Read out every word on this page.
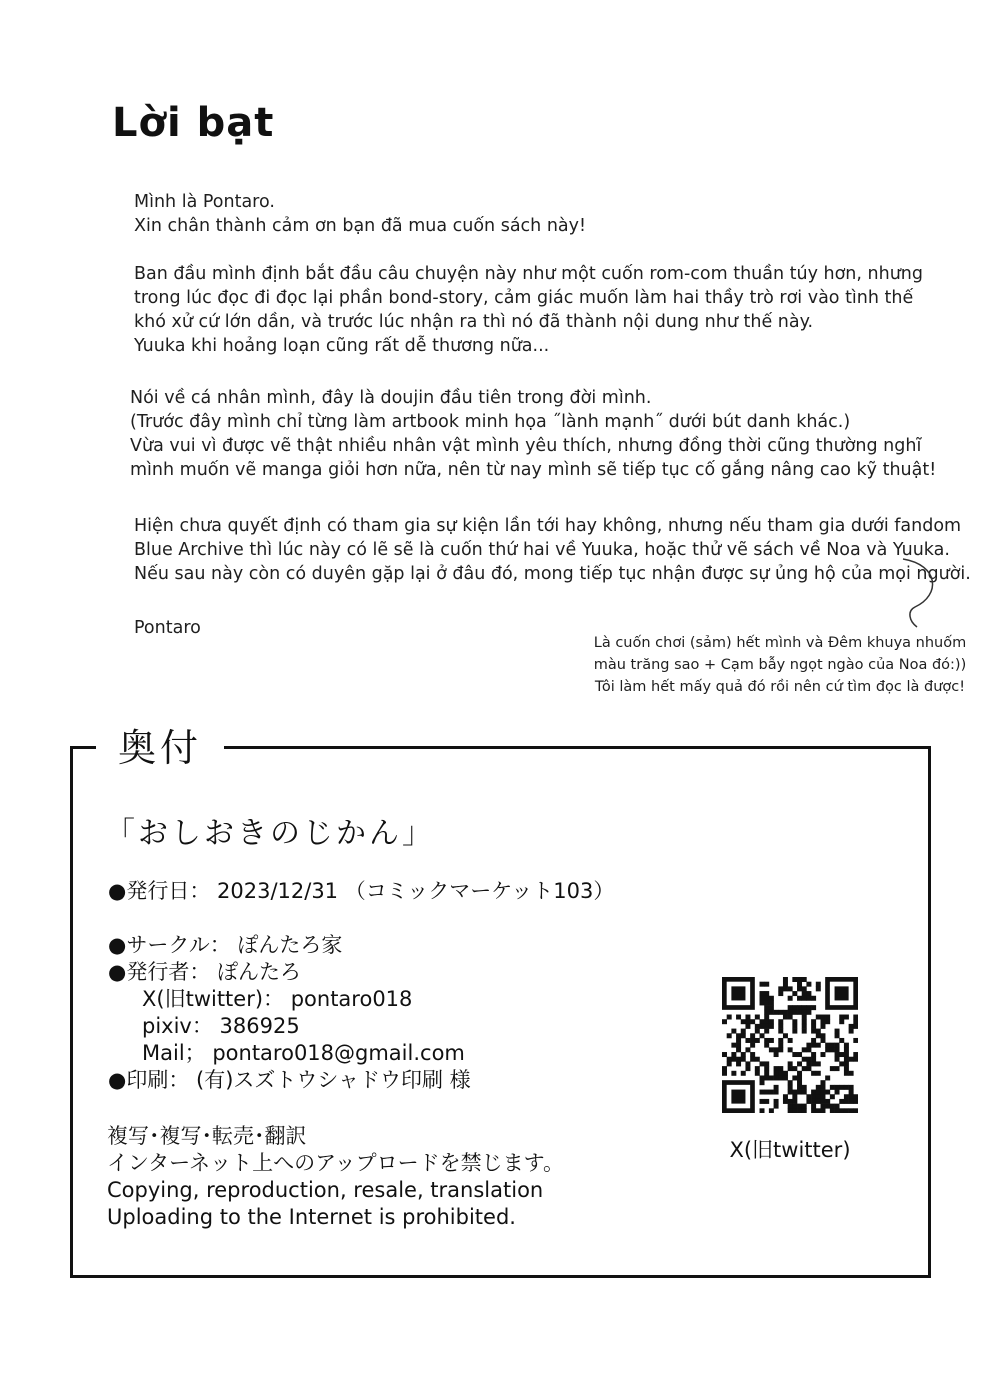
Lời bạt

Mình là Pontaro.
Xin chân thành cảm ơn bạn đã mua cuốn sách này!

Ban đầu mình định bắt đầu câu chuyện này như một cuốn rom-com thuần túy hơn, nhưng
trong lúc đọc đi đọc lại phần bond-story, cảm giác muốn làm hai thầy trò rơi vào tình thế
khó xử cứ lớn dần, và trước lúc nhận ra thì nó đã thành nội dung như thế này.
Yuuka khi hoảng loạn cũng rất dễ thương nữa...

Nói về cá nhân mình, đây là doujin đầu tiên trong đời mình.
(Trước đây mình chỉ từng làm artbook minh họa ˝lành mạnh˝ dưới bút danh khác.)
Vừa vui vì được vẽ thật nhiều nhân vật mình yêu thích, nhưng đồng thời cũng thường nghĩ
mình muốn vẽ manga giỏi hơn nữa, nên từ nay mình sẽ tiếp tục cố gắng nâng cao kỹ thuật!

Hiện chưa quyết định có tham gia sự kiện lần tới hay không, nhưng nếu tham gia dưới fandom
Blue Archive thì lúc này có lẽ sẽ là cuốn thứ hai về Yuuka, hoặc thử vẽ sách về Noa và Yuuka.
Nếu sau này còn có duyên gặp lại ở đâu đó, mong tiếp tục nhận được sự ủng hộ của mọi người.

Pontaro

Là cuốn chơi (sảm) hết mình và Đêm khuya nhuốm
màu trăng sao + Cạm bẫy ngọt ngào của Noa đó:))
Tôi làm hết mấy quả đó rồi nên cứ tìm đọc là được!
奥付
「おしおきのじかん」
●発行日： 2023/12/31 （コミックマーケット103）
●サークル： ぽんたろ家
●発行者： ぽんたろ
X(旧twitter)： pontaro018
pixiv： 386925
Mail； pontaro018@gmail.com
●印刷： (有)スズトウシャドウ印刷 様
複写･複写･転売･翻訳
インターネット上へのアップロードを禁じます。
Copying, reproduction, resale, translation
Uploading to the Internet is prohibited.
X(旧twitter)
